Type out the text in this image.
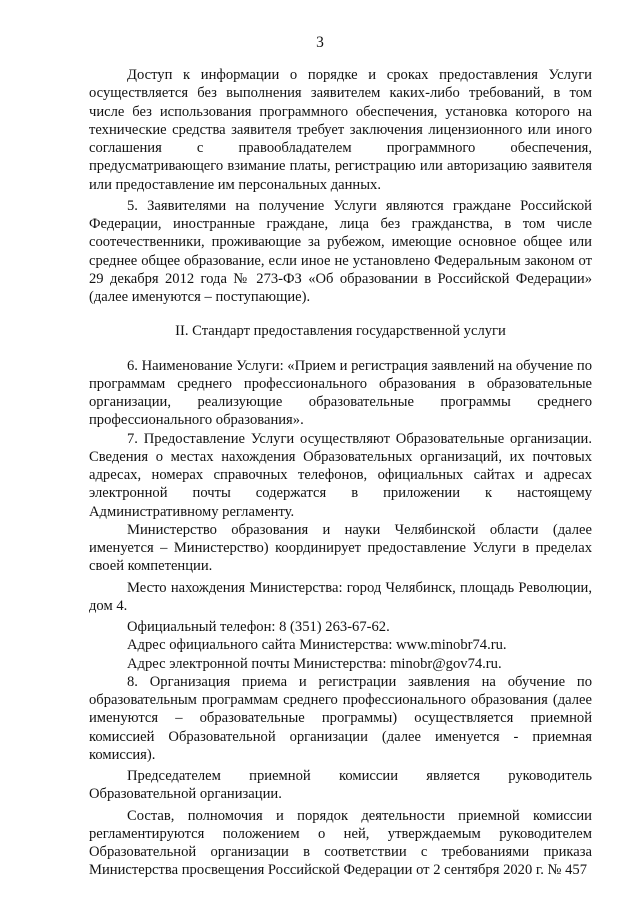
3

Доступ к информации о порядке и сроках предоставления Услуги осуществляется без выполнения заявителем каких-либо требований, в том числе без использования программного обеспечения, установка которого на технические средства заявителя требует заключения лицензионного или иного соглашения с правообладателем программного обеспечения, предусматривающего взимание платы, регистрацию или авторизацию заявителя или предоставление им персональных данных.

5. Заявителями на получение Услуги являются граждане Российской Федерации, иностранные граждане, лица без гражданства, в том числе соотечественники, проживающие за рубежом, имеющие основное общее или среднее общее образование, если иное не установлено Федеральным законом от 29 декабря 2012 года № 273-ФЗ «Об образовании в Российской Федерации» (далее именуются – поступающие).

II. Стандарт предоставления государственной услуги

6. Наименование Услуги: «Прием и регистрация заявлений на обучение по программам среднего профессионального образования в образовательные организации, реализующие образовательные программы среднего профессионального образования».

7. Предоставление Услуги осуществляют Образовательные организации. Сведения о местах нахождения Образовательных организаций, их почтовых адресах, номерах справочных телефонов, официальных сайтах и адресах электронной почты содержатся в приложении к настоящему Административному регламенту.

Министерство образования и науки Челябинской области (далее именуется – Министерство) координирует предоставление Услуги в пределах своей компетенции.

Место нахождения Министерства: город Челябинск, площадь Революции, дом 4.

Официальный телефон: 8 (351) 263-67-62.

Адрес официального сайта Министерства: www.minobr74.ru.

Адрес электронной почты Министерства: minobr@gov74.ru.

8. Организация приема и регистрации заявления на обучение по образовательным программам среднего профессионального образования (далее именуются – образовательные программы) осуществляется приемной комиссией Образовательной организации (далее именуется - приемная комиссия).

Председателем приемной комиссии является руководитель Образовательной организации.

Состав, полномочия и порядок деятельности приемной комиссии регламентируются положением о ней, утверждаемым руководителем Образовательной организации в соответствии с требованиями приказа Министерства просвещения Российской Федерации от 2 сентября 2020 г. № 457
